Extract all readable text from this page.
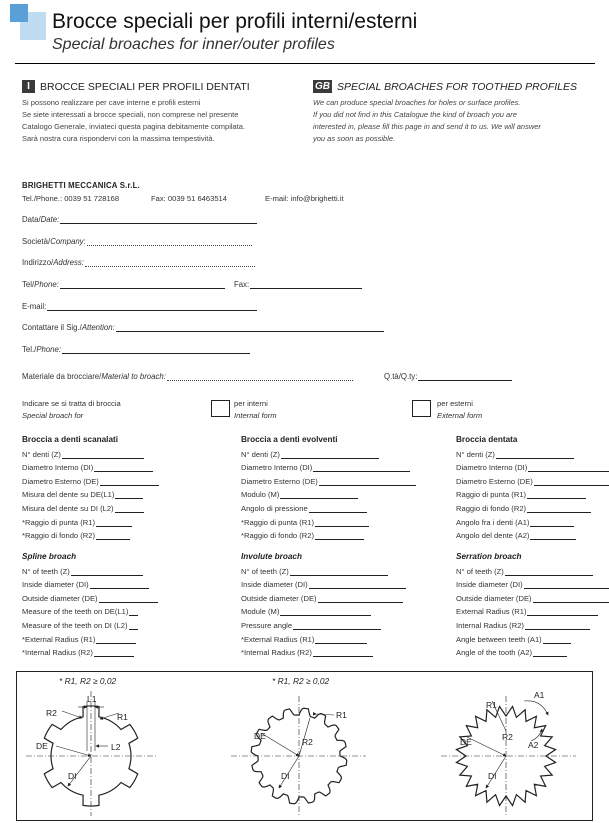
Brocce speciali per profili interni/esterni
Special broaches for inner/outer profiles
I BROCCE SPECIALI PER PROFILI DENTATI
Si possono realizzare per cave interne e profili esterni
Se siete interessati a brocce speciali, non comprese nel presente
Catalogo Generale, inviateci questa pagina debitamente compilata.
Sarà nostra cura rispondervi con la massima tempestività.
GB SPECIAL BROACHES FOR TOOTHED PROFILES
We can produce special broaches for holes or surface profiles.
If you did not find in this Catalogue the kind of broach you are
interested in, please fill this page in and send it to us. We will answer
you as soon as possible.
BRIGHETTI MECCANICA S.r.L.
Tel./Phone.: 0039 51 728168	Fax: 0039 51 6463514	E-mail: info@brighetti.it
Data/Date:
Società/Company:
Indirizzo/Address:
Tel/Phone:	Fax:
E-mail:
Contattare il Sig./Attention:
Tel./Phone:
Materiale da brocciare/Material to broach:	Q.tà/Q.ty:
Indicare se si tratta di broccia
Special broach for
per interni
Internal form
per esterni
External form
Broccia a denti scanalati
N° denti (Z)
Diametro Interno (DI)
Diametro Esterno (DE)
Misura del dente su DE(L1)
Misura del dente su DI (L2)
*Raggio di punta (R1)
*Raggio di fondo (R2)
Spline broach
N° of teeth (Z)
Inside diameter (DI)
Outside diameter (DE)
Measure of the teeth on DE(L1)
Measure of the teeth on DI (L2)
*External Radius (R1)
*Internal Radius (R2)
Broccia a denti evolventi
N° denti (Z)
Diametro Interno (DI)
Diametro Esterno (DE)
Modulo (M)
Angolo di pressione
*Raggio di punta (R1)
*Raggio di fondo (R2)
Involute broach
N° of teeth (Z)
Inside diameter (DI)
Outside diameter (DE)
Module (M)
Pressure angle
*External Radius (R1)
*Internal Radius (R2)
Broccia dentata
N° denti (Z)
Diametro Interno (DI)
Diametro Esterno (DE)
Raggio di punta (R1)
Raggio di fondo (R2)
Angolo fra i denti (A1)
Angolo del dente (A2)
Serration broach
N° of teeth (Z)
Inside diameter (DI)
Outside diameter (DE)
External Radius (R1)
Internal Radius (R2)
Angle between teeth (A1)
Angle of the tooth (A2)
* R1, R2 ≥ 0,02	* R1, R2 ≥ 0,02
L1
L2
R2	R1
DE
DI
R1
R2
DE
DI
A1
A2
R1
R2
DE
DI
